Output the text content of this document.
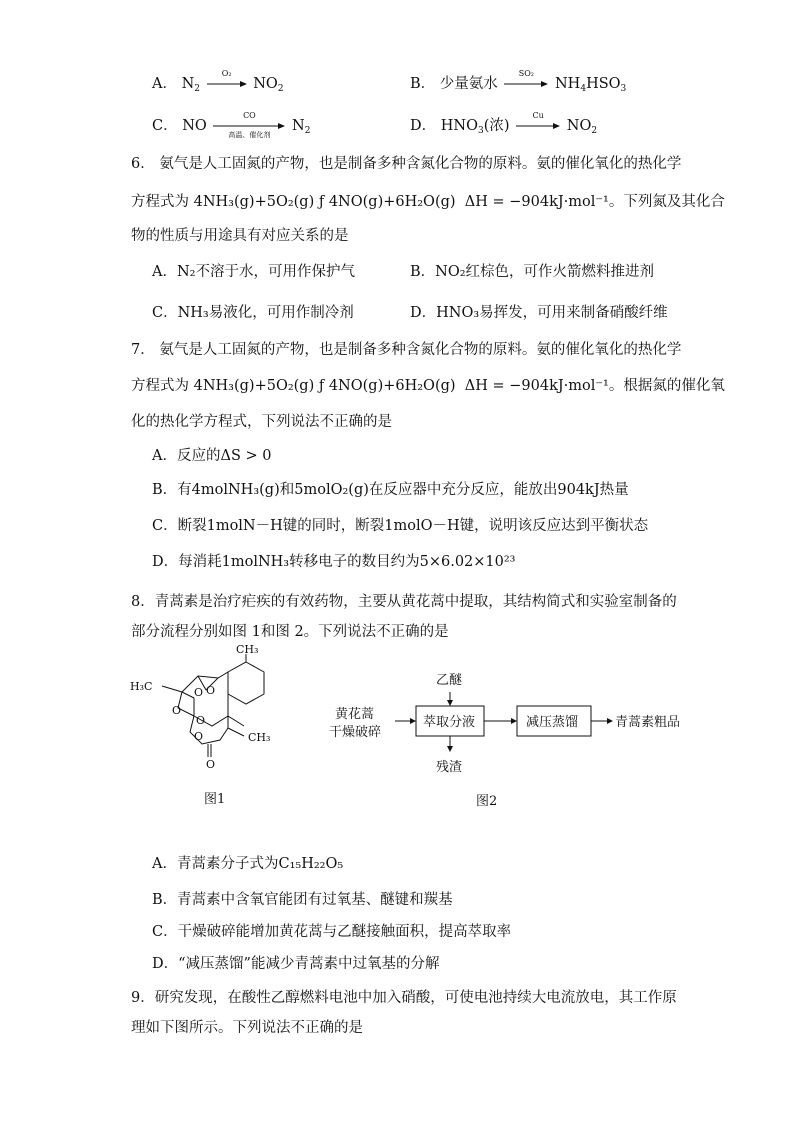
A． $N_2$
O₂
$NO_2$	B． 少量氨水
SO₂
$NH_4HSO_3$
C． NO
CO
高温、催化剂
$N_2$	D． $HNO_3$(浓)
Cu
$NO_2$
6． 氨气是人工固氮的产物，也是制备多种含氮化合物的原料。氨的催化氧化的热化学
方程式为 4NH₃(g)+5O₂(g) ƒ 4NO(g)+6H₂O(g) ΔH = −904kJ·mol⁻¹。下列氮及其化合
物的性质与用途具有对应关系的是
A．N₂不溶于水，可用作保护气	B．NO₂红棕色，可作火箭燃料推进剂
C．NH₃易液化，可用作制冷剂	D．HNO₃易挥发，可用来制备硝酸纤维
7． 氨气是人工固氮的产物，也是制备多种含氮化合物的原料。氨的催化氧化的热化学
方程式为 4NH₃(g)+5O₂(g) ƒ 4NO(g)+6H₂O(g) ΔH = −904kJ·mol⁻¹。根据氮的催化氧
化的热化学方程式，下列说法不正确的是
A．反应的ΔS > 0
B．有4molNH₃(g)和5molO₂(g)在反应器中充分反应，能放出904kJ热量
C．断裂1molN－H键的同时，断裂1molO－H键，说明该反应达到平衡状态
D．每消耗1molNH₃转移电子的数目约为5×6.02×10²³
8．青蒿素是治疗疟疾的有效药物，主要从黄花蒿中提取，其结构简式和实验室制备的
部分流程分别如图 1和图 2。下列说法不正确的是
CH₃
H₃C
CH₃
O O
O
O
O
O
图1
黄花蒿
干燥破碎
乙醚
萃取分液	减压蒸馏
残渣
青蒿素粗品
图2
A．青蒿素分子式为C₁₅H₂₂O₅
B．青蒿素中含氧官能团有过氧基、醚键和羰基
C．干燥破碎能增加黄花蒿与乙醚接触面积，提高萃取率
D．“减压蒸馏”能减少青蒿素中过氧基的分解
9．研究发现，在酸性乙醇燃料电池中加入硝酸，可使电池持续大电流放电，其工作原
理如下图所示。下列说法不正确的是
